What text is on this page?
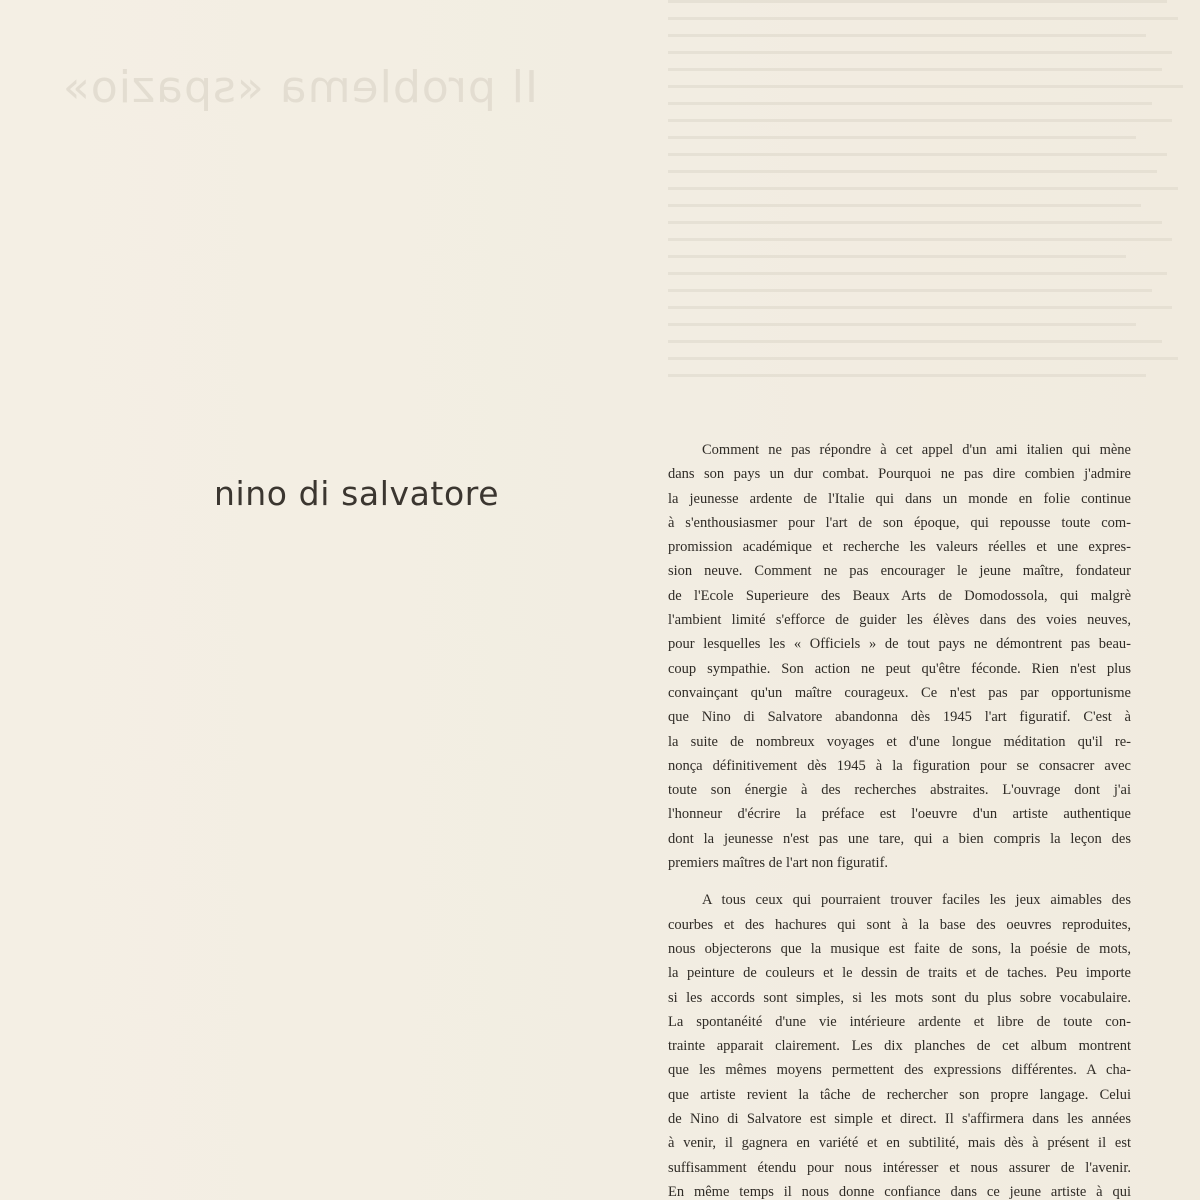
Il problema «spazio»
nino di salvatore
Comment ne pas répondre à cet appel d'un ami italien qui mène
dans son pays un dur combat. Pourquoi ne pas dire combien j'admire
la jeunesse ardente de l'Italie qui dans un monde en folie continue
à s'enthousiasmer pour l'art de son époque, qui repousse toute com-
promission académique et recherche les valeurs réelles et une expres-
sion neuve. Comment ne pas encourager le jeune maître, fondateur
de l'Ecole Superieure des Beaux Arts de Domodossola, qui malgrè
l'ambient limité s'efforce de guider les élèves dans des voies neuves,
pour lesquelles les « Officiels » de tout pays ne démontrent pas beau-
coup sympathie. Son action ne peut qu'être féconde. Rien n'est plus
convainçant qu'un maître courageux. Ce n'est pas par opportunisme
que Nino di Salvatore abandonna dès 1945 l'art figuratif. C'est à
la suite de nombreux voyages et d'une longue méditation qu'il re-
nonça définitivement dès 1945 à la figuration pour se consacrer avec
toute son énergie à des recherches abstraites. L'ouvrage dont j'ai
l'honneur d'écrire la préface est l'oeuvre d'un artiste authentique
dont la jeunesse n'est pas une tare, qui a bien compris la leçon des
premiers maîtres de l'art non figuratif.
A tous ceux qui pourraient trouver faciles les jeux aimables des
courbes et des hachures qui sont à la base des oeuvres reproduites,
nous objecterons que la musique est faite de sons, la poésie de mots,
la peinture de couleurs et le dessin de traits et de taches. Peu importe
si les accords sont simples, si les mots sont du plus sobre vocabulaire.
La spontanéité d'une vie intérieure ardente et libre de toute con-
trainte apparait clairement. Les dix planches de cet album montrent
que les mêmes moyens permettent des expressions différentes. A cha-
que artiste revient la tâche de rechercher son propre langage. Celui
de Nino di Salvatore est simple et direct. Il s'affirmera dans les années
à venir, il gagnera en variété et en subtilité, mais dès à présent il est
suffisamment étendu pour nous intéresser et nous assurer de l'avenir.
En même temps il nous donne confiance dans ce jeune artiste à qui
